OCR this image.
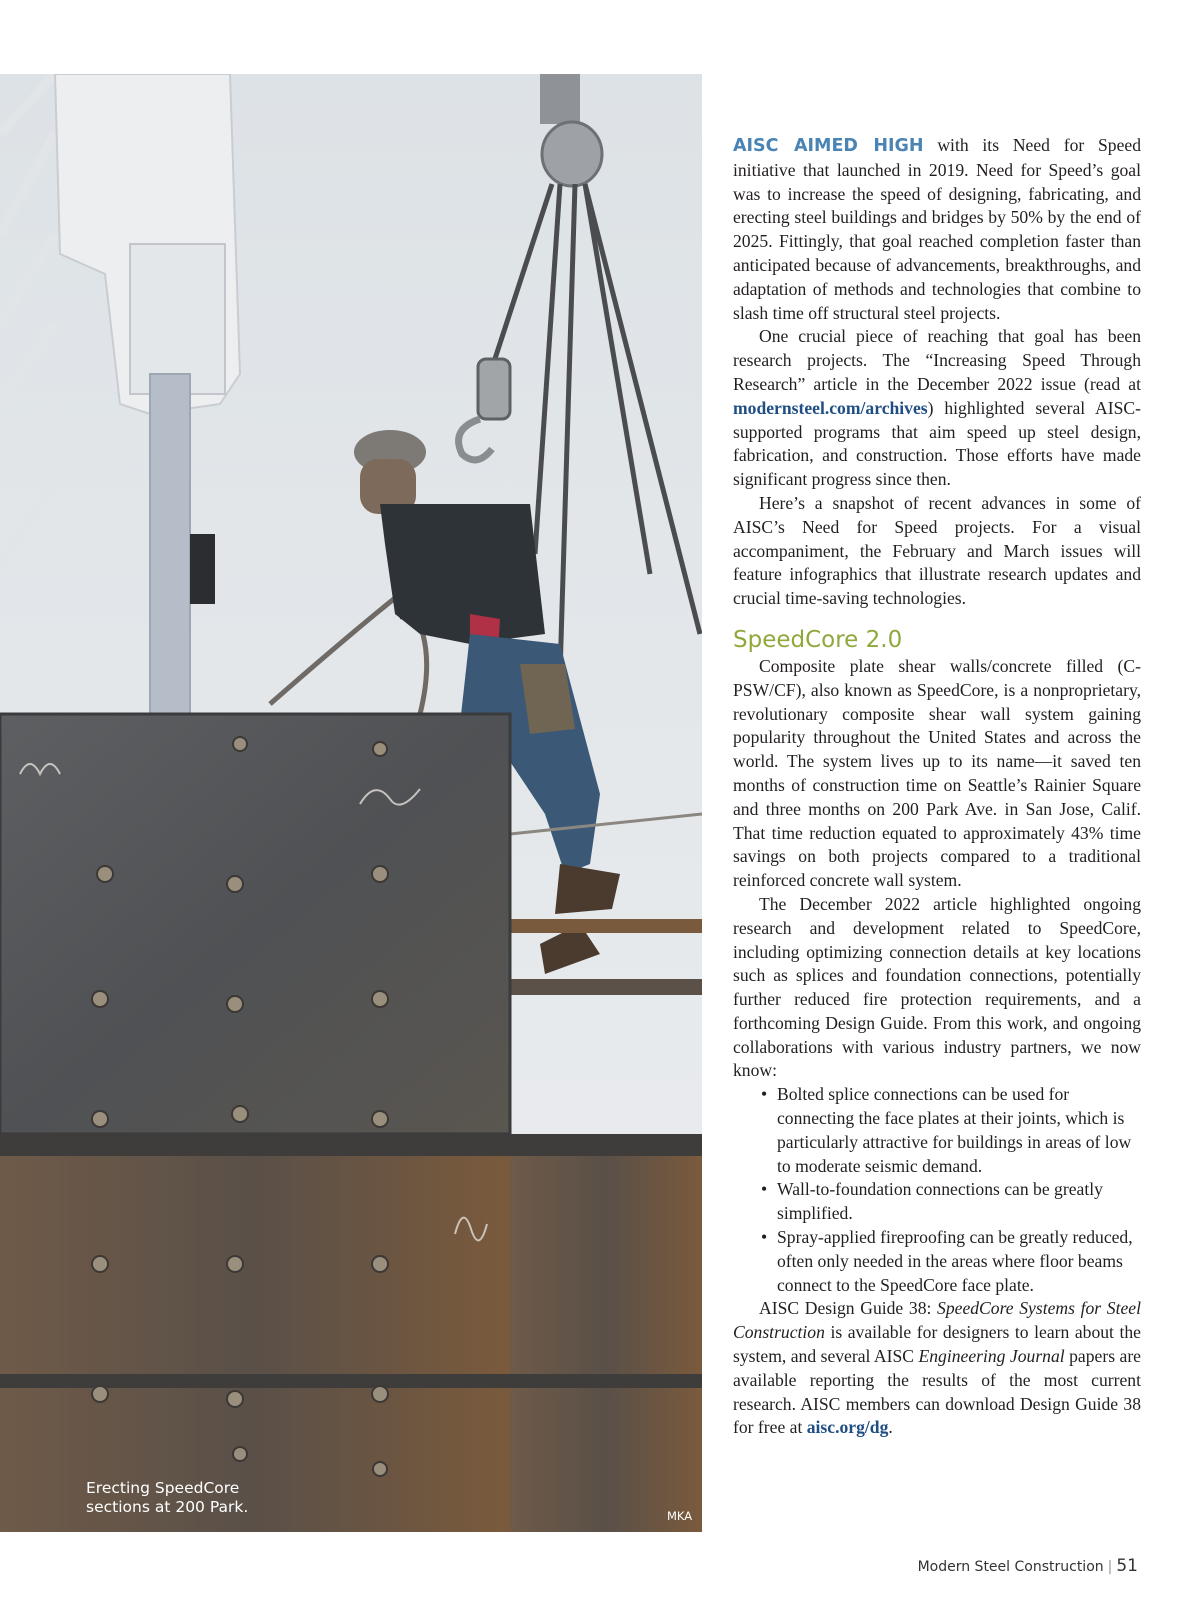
Erecting SpeedCore
sections at 200 Park.	MKA

AISC AIMED HIGH with its Need for Speed initiative that launched in 2019. Need for Speed’s goal was to increase the speed of designing, fabricating, and erecting steel buildings and bridges by 50% by the end of 2025. Fittingly, that goal reached completion faster than anticipated because of advancements, breakthroughs, and adaptation of methods and technologies that combine to slash time off structural steel projects.

One crucial piece of reaching that goal has been research projects. The “Increasing Speed Through Research” article in the December 2022 issue (read at modernsteel.com/archives) highlighted several AISC-supported programs that aim speed up steel design, fabrication, and construction. Those efforts have made significant progress since then.

Here’s a snapshot of recent advances in some of AISC’s Need for Speed projects. For a visual accompaniment, the February and March issues will feature infographics that illustrate research updates and crucial time-saving technologies.

SpeedCore 2.0

Composite plate shear walls/concrete filled (C-PSW/CF), also known as SpeedCore, is a nonproprietary, revolutionary composite shear wall system gaining popularity throughout the United States and across the world. The system lives up to its name—it saved ten months of construction time on Seattle’s Rainier Square and three months on 200 Park Ave. in San Jose, Calif. That time reduction equated to approximately 43% time savings on both projects compared to a traditional reinforced concrete wall system.

The December 2022 article highlighted ongoing research and development related to SpeedCore, including optimizing connection details at key locations such as splices and foundation connections, potentially further reduced fire protection requirements, and a forthcoming Design Guide. From this work, and ongoing collaborations with various industry partners, we now know:

• Bolted splice connections can be used for connecting the face plates at their joints, which is particularly attractive for buildings in areas of low to moderate seismic demand.
• Wall-to-foundation connections can be greatly simplified.
• Spray-applied fireproofing can be greatly reduced, often only needed in the areas where floor beams connect to the SpeedCore face plate.

AISC Design Guide 38: SpeedCore Systems for Steel Construction is available for designers to learn about the system, and several AISC Engineering Journal papers are available reporting the results of the most current research. AISC members can download Design Guide 38 for free at aisc.org/dg.

Modern Steel Construction | 51
